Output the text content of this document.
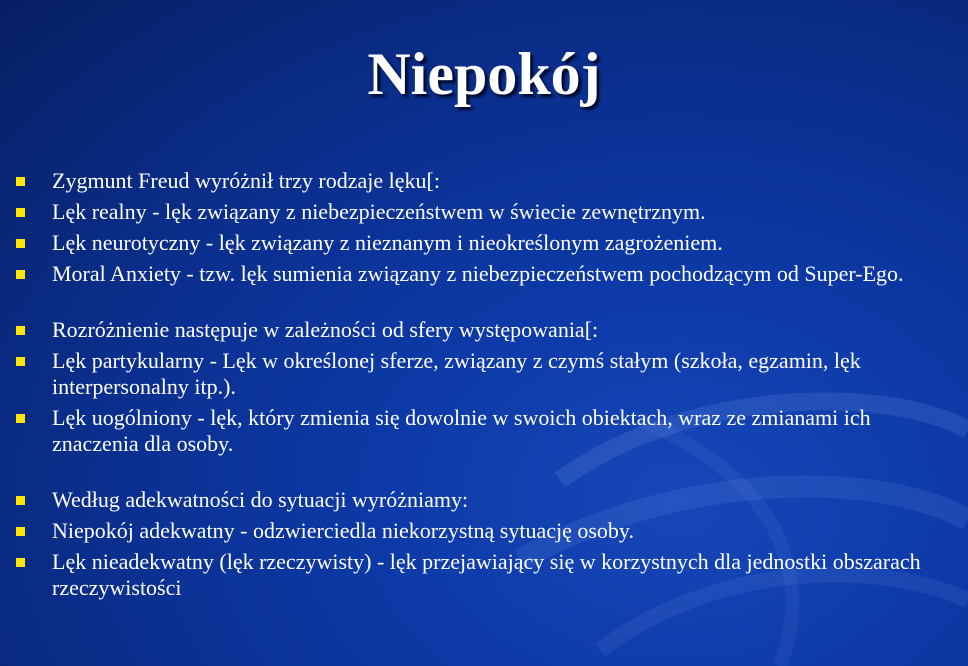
Niepokój
Zygmunt Freud wyróżnił trzy rodzaje lęku[:
Lęk realny - lęk związany z niebezpieczeństwem w świecie zewnętrznym.
Lęk neurotyczny - lęk związany z nieznanym i nieokreślonym zagrożeniem.
Moral Anxiety - tzw. lęk sumienia związany z niebezpieczeństwem pochodzącym od Super-Ego.
Rozróżnienie następuje w zależności od sfery występowania[:
Lęk partykularny - Lęk w określonej sferze, związany z czymś stałym (szkoła, egzamin, lęk interpersonalny itp.).
Lęk uogólniony - lęk, który zmienia się dowolnie w swoich obiektach, wraz ze zmianami ich znaczenia dla osoby.
Według adekwatności do sytuacji wyróżniamy:
Niepokój adekwatny - odzwierciedla niekorzystną sytuację osoby.
Lęk nieadekwatny (lęk rzeczywisty) - lęk przejawiający się w korzystnych dla jednostki obszarach rzeczywistości
